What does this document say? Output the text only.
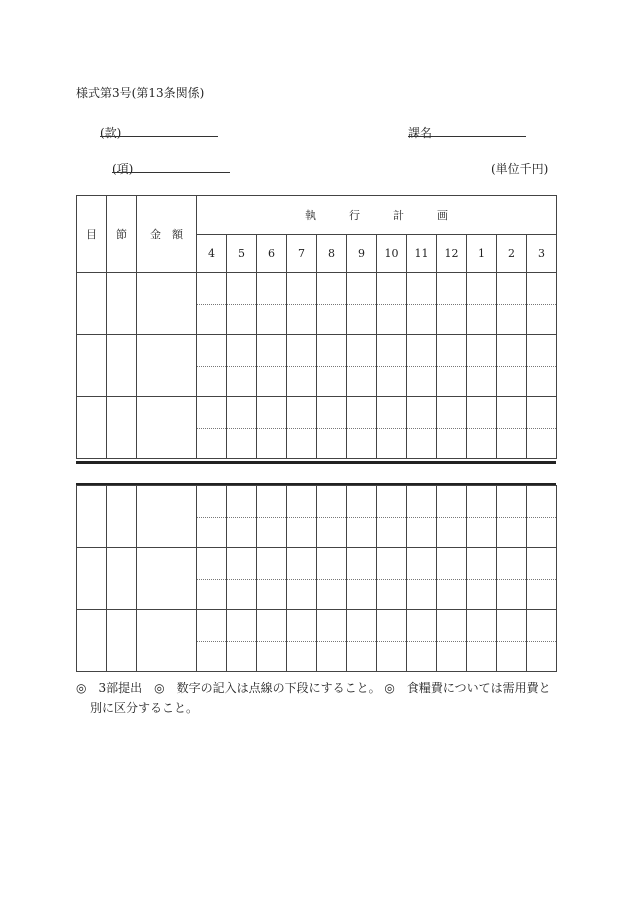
様式第3号(第13条関係)
(款)	課名
(項)	(単位千円)
目	節	金　額	執　　　行　　　計　　　画											
			4	5	6	7	8	9	10	11	12	1	2	3

◎　3部提出　◎　数字の記入は点線の下段にすること。 ◎　食糧費については需用費と
別に区分すること。
